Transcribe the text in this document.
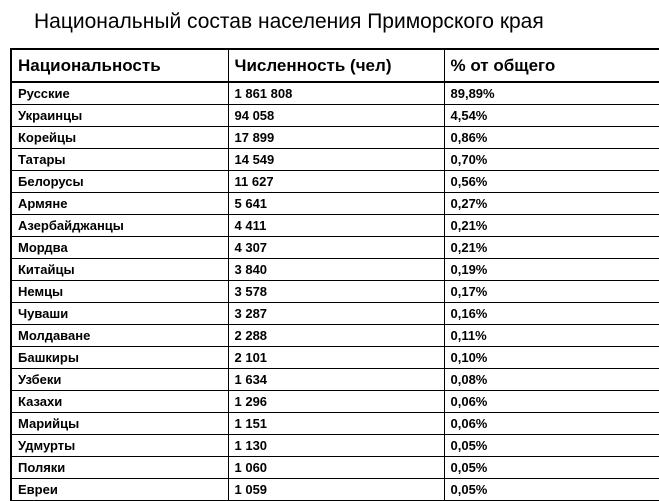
Национальный состав населения Приморского края
Национальность	Численность (чел)	% от общего
Русские	1 861 808	89,89%
Украинцы	94 058	4,54%
Корейцы	17 899	0,86%
Татары	14 549	0,70%
Белорусы	11 627	0,56%
Армяне	5 641	0,27%
Азербайджанцы	4 411	0,21%
Мордва	4 307	0,21%
Китайцы	3 840	0,19%
Немцы	3 578	0,17%
Чуваши	3 287	0,16%
Молдаване	2 288	0,11%
Башкиры	2 101	0,10%
Узбеки	1 634	0,08%
Казахи	1 296	0,06%
Марийцы	1 151	0,06%
Удмурты	1 130	0,05%
Поляки	1 060	0,05%
Евреи	1 059	0,05%
